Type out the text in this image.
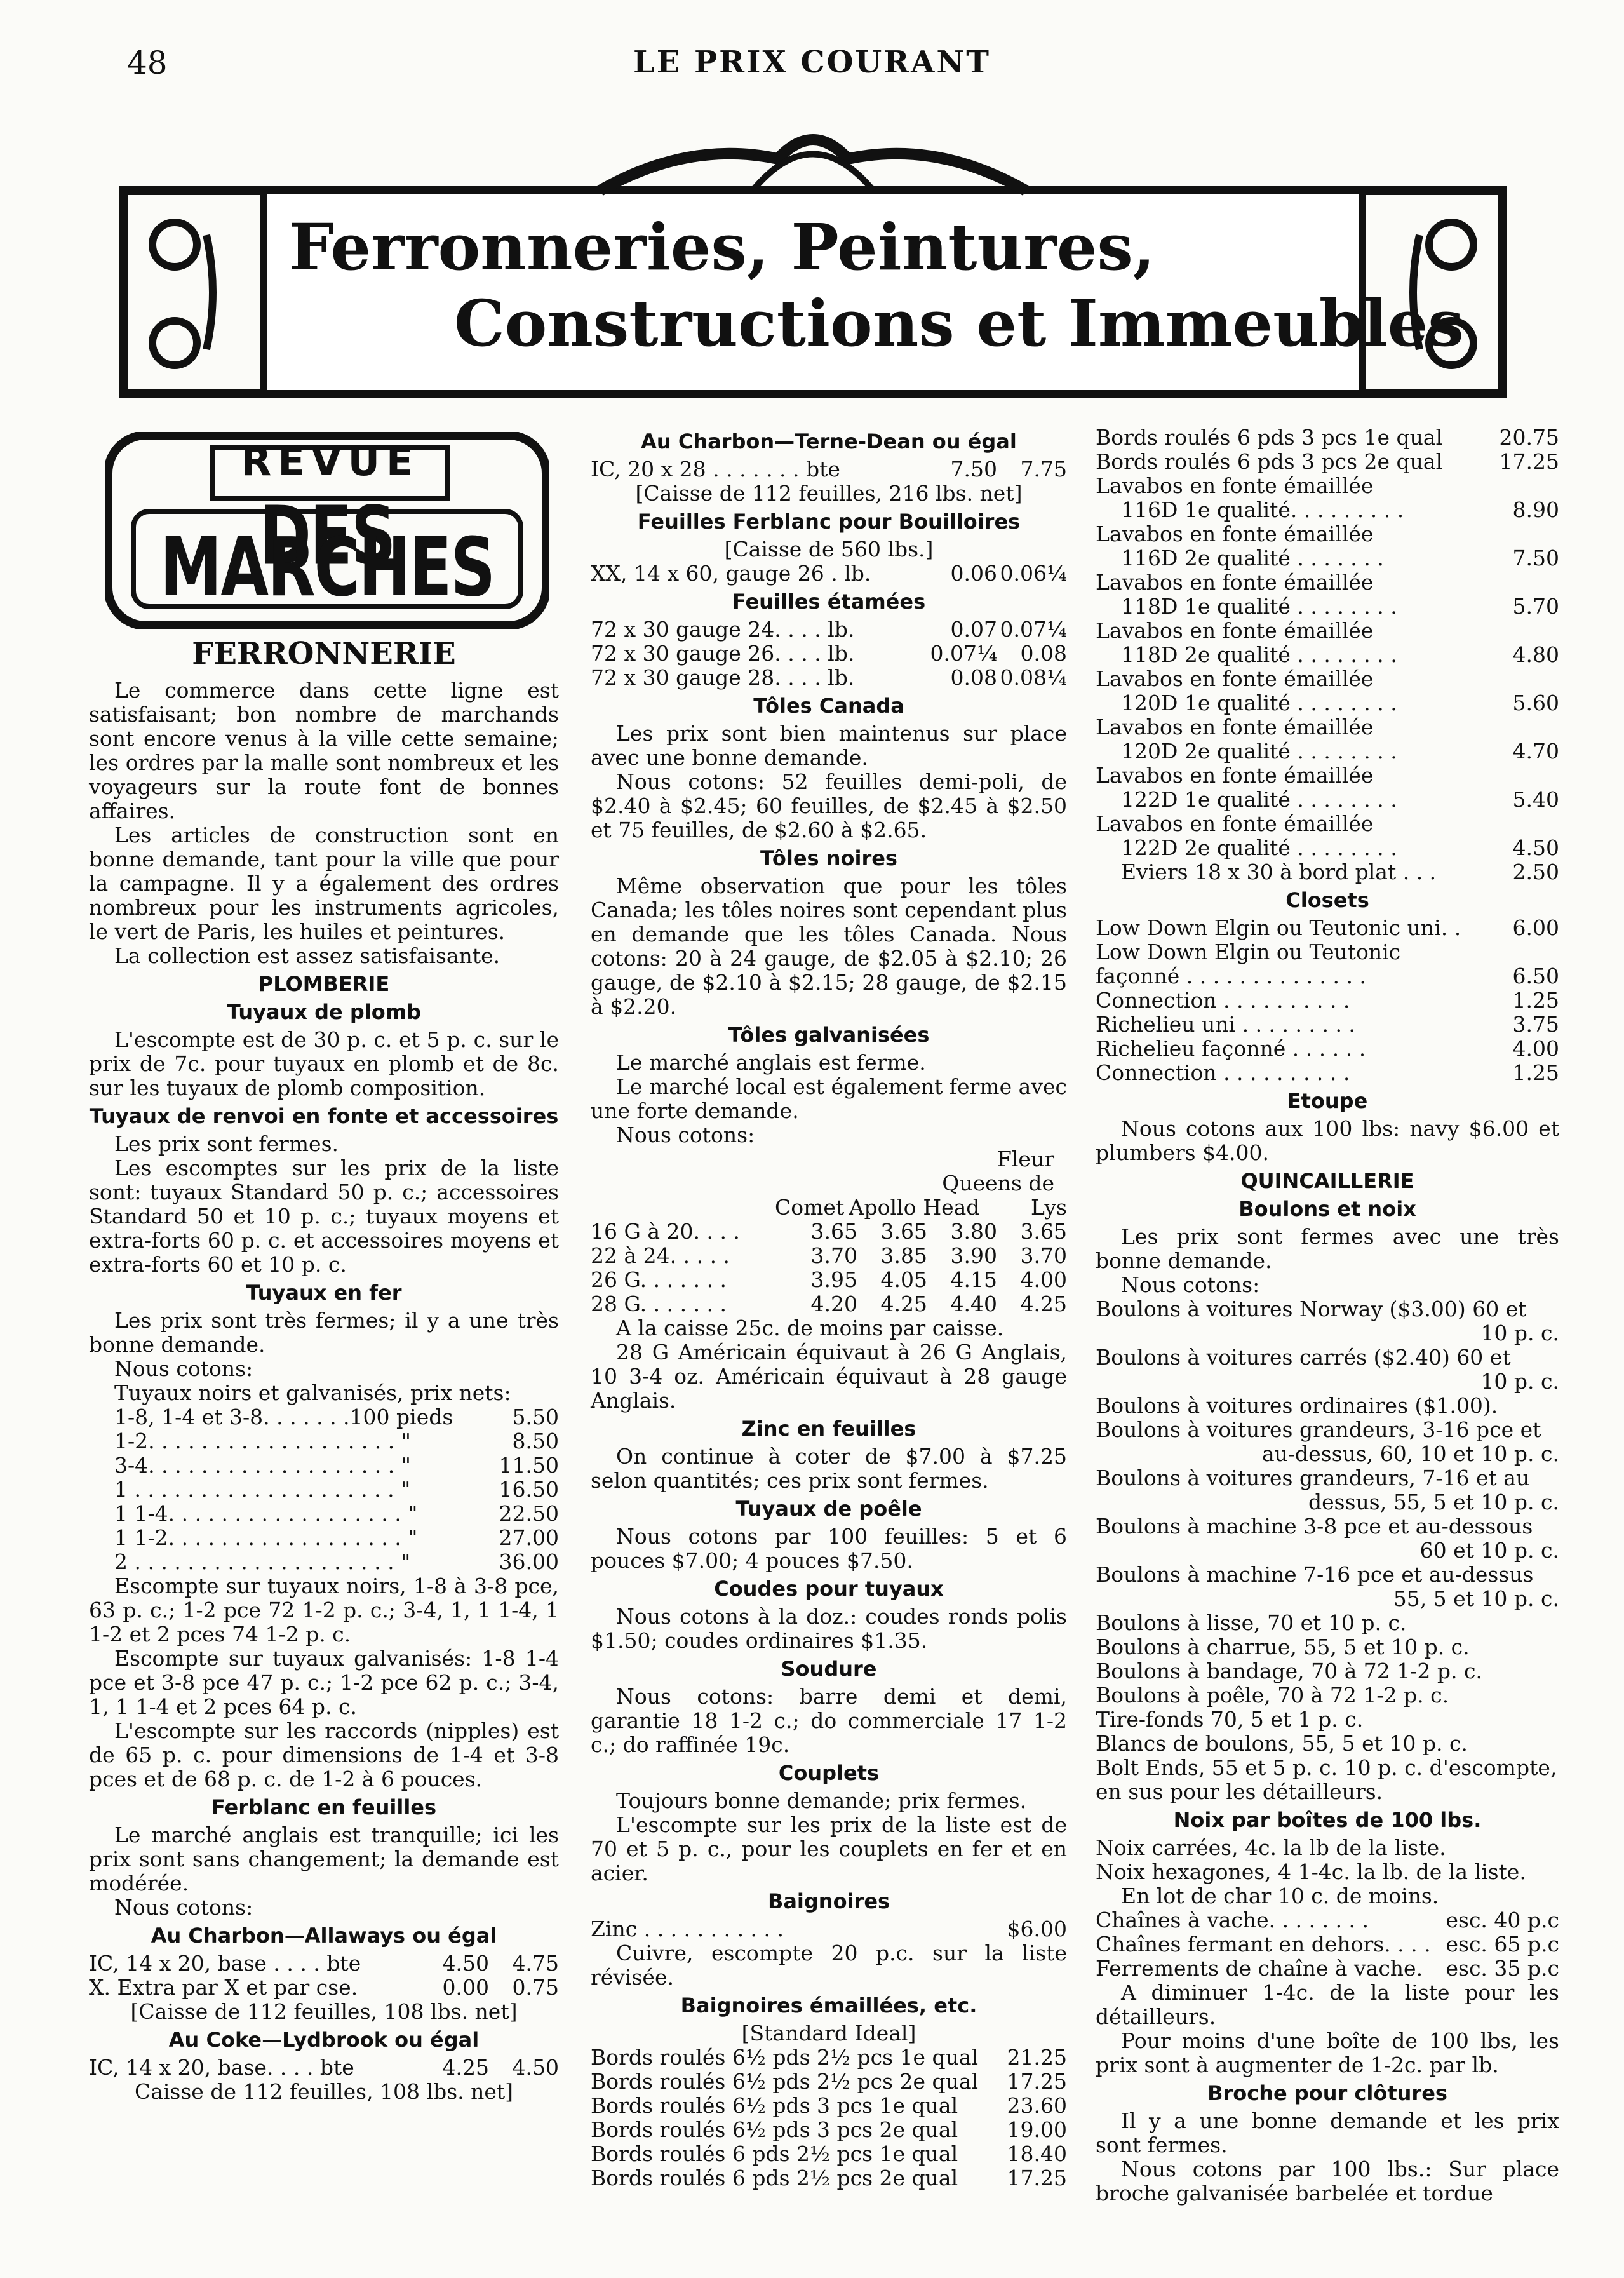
48	LE PRIX COURANT
Ferronneries, Peintures,
Constructions et Immeubles
REVUE
DES MARCHES
FERRONNERIE

Le commerce dans cette ligne est satisfaisant; bon nombre de marchands sont encore venus à la ville cette semaine; les ordres par la malle sont nombreux et les voyageurs sur la route font de bonnes affaires.

Les articles de construction sont en bonne demande, tant pour la ville que pour la campagne. Il y a également des ordres nombreux pour les instruments agricoles, le vert de Paris, les huiles et peintures.

La collection est assez satisfaisante.

PLOMBERIE
Tuyaux de plomb

L'escompte est de 30 p. c. et 5 p. c. sur le prix de 7c. pour tuyaux en plomb et de 8c. sur les tuyaux de plomb composition.

Tuyaux de renvoi en fonte et accessoires

Les prix sont fermes.

Les escomptes sur les prix de la liste sont: tuyaux Standard 50 p. c.; accessoires Standard 50 et 10 p. c.; tuyaux moyens et extra-forts 60 p. c. et accessoires moyens et extra-forts 60 et 10 p. c.

Tuyaux en fer

Les prix sont très fermes; il y a une très bonne demande.

Nous cotons:
Tuyaux noirs et galvanisés, prix nets:
1-8, 1-4 et 3-8. . . . . . .100 pieds	5.50
1-2. . . . . . . . . . . . . . . . . . . "	8.50
3-4. . . . . . . . . . . . . . . . . . . "	11.50
1 . . . . . . . . . . . . . . . . . . . . "	16.50
1 1-4. . . . . . . . . . . . . . . . . . "	22.50
1 1-2. . . . . . . . . . . . . . . . . . "	27.00
2 . . . . . . . . . . . . . . . . . . . . "	36.00

Escompte sur tuyaux noirs, 1-8 à 3-8 pce, 63 p. c.; 1-2 pce 72 1-2 p. c.; 3-4, 1, 1 1-4, 1 1-2 et 2 pces 74 1-2 p. c.

Escompte sur tuyaux galvanisés: 1-8 1-4 pce et 3-8 pce 47 p. c.; 1-2 pce 62 p. c.; 3-4, 1, 1 1-4 et 2 pces 64 p. c.

L'escompte sur les raccords (nipples) est de 65 p. c. pour dimensions de 1-4 et 3-8 pces et de 68 p. c. de 1-2 à 6 pouces.

Ferblanc en feuilles

Le marché anglais est tranquille; ici les prix sont sans changement; la demande est modérée.

Nous cotons:
Au Charbon—Allaways ou égal
IC, 14 x 20, base . . . . bte	4.50	4.75
X. Extra par X et par cse.	0.00	0.75
[Caisse de 112 feuilles, 108 lbs. net]
Au Coke—Lydbrook ou égal
IC, 14 x 20, base. . . . bte	4.25	4.50
Caisse de 112 feuilles, 108 lbs. net]
Au Charbon—Terne-Dean ou égal
IC, 20 x 28 . . . . . . . bte	7.50	7.75
[Caisse de 112 feuilles, 216 lbs. net]
Feuilles Ferblanc pour Bouilloires
[Caisse de 560 lbs.]
XX, 14 x 60, gauge 26 . lb.	0.06 0.06¼
Feuilles étamées
72 x 30 gauge 24. . . . lb.	0.07 0.07¼
72 x 30 gauge 26. . . . lb.	0.07¼	0.08
72 x 30 gauge 28. . . . lb.	0.08 0.08¼
Tôles Canada

Les prix sont bien maintenus sur place avec une bonne demande.

Nous cotons: 52 feuilles demi-poli, de $2.40 à $2.45; 60 feuilles, de $2.45 à $2.50 et 75 feuilles, de $2.60 à $2.65.

Tôles noires

Même observation que pour les tôles Canada; les tôles noires sont cependant plus en demande que les tôles Canada. Nous cotons: 20 à 24 gauge, de $2.05 à $2.10; 26 gauge, de $2.10 à $2.15; 28 gauge, de $2.15 à $2.20.

Tôles galvanisées

Le marché anglais est ferme.

Le marché local est également ferme avec une forte demande.

Nous cotons:
Fleur
Queens de
Comet Apollo Head	Lys
16 G à 20. . . .	3.65	3.65	3.80	3.65
22 à 24. . . . .	3.70	3.85	3.90	3.70
26 G. . . . . . .	3.95	4.05	4.15	4.00
28 G. . . . . . .	4.20	4.25	4.40	4.25

A la caisse 25c. de moins par caisse.

28 G Américain équivaut à 26 G Anglais, 10 3-4 oz. Américain équivaut à 28 gauge Anglais.

Zinc en feuilles

On continue à coter de $7.00 à $7.25 selon quantités; ces prix sont fermes.

Tuyaux de poêle

Nous cotons par 100 feuilles: 5 et 6 pouces $7.00; 4 pouces $7.50.

Coudes pour tuyaux

Nous cotons à la doz.: coudes ronds polis $1.50; coudes ordinaires $1.35.

Soudure

Nous cotons: barre demi et demi, garantie 18 1-2 c.; do commerciale 17 1-2 c.; do raffinée 19c.

Couplets

Toujours bonne demande; prix fermes.

L'escompte sur les prix de la liste est de 70 et 5 p. c., pour les couplets en fer et en acier.

Baignoires
Zinc . . . . . . . . . . .	$6.00

Cuivre, escompte 20 p.c. sur la liste révisée.

Baignoires émaillées, etc.
[Standard Ideal]
Bords roulés 6½ pds 2½ pcs 1e qual	21.25
Bords roulés 6½ pds 2½ pcs 2e qual	17.25
Bords roulés 6½ pds 3 pcs 1e qual	23.60
Bords roulés 6½ pds 3 pcs 2e qual	19.00
Bords roulés 6 pds 2½ pcs 1e qual	18.40
Bords roulés 6 pds 2½ pcs 2e qual	17.25
Bords roulés 6 pds 3 pcs 1e qual	20.75
Bords roulés 6 pds 3 pcs 2e qual	17.25
Lavabos en fonte émaillée
116D 1e qualité. . . . . . . . .	8.90
Lavabos en fonte émaillée
116D 2e qualité . . . . . . .	7.50
Lavabos en fonte émaillée
118D 1e qualité . . . . . . . .	5.70
Lavabos en fonte émaillée
118D 2e qualité . . . . . . . .	4.80
Lavabos en fonte émaillée
120D 1e qualité . . . . . . . .	5.60
Lavabos en fonte émaillée
120D 2e qualité . . . . . . . .	4.70
Lavabos en fonte émaillée
122D 1e qualité . . . . . . . .	5.40
Lavabos en fonte émaillée
122D 2e qualité . . . . . . . .	4.50
Eviers 18 x 30 à bord plat . . .	2.50
Closets
Low Down Elgin ou Teutonic uni. .	6.00
Low Down Elgin ou Teutonic façonné . . . . . . . . . . . . . .	6.50
Connection . . . . . . . . . .	1.25
Richelieu uni . . . . . . . . .	3.75
Richelieu façonné . . . . . .	4.00
Connection . . . . . . . . . .	1.25
Etoupe

Nous cotons aux 100 lbs: navy $6.00 et plumbers $4.00.

QUINCAILLERIE
Boulons et noix

Les prix sont fermes avec une très bonne demande.

Nous cotons:
Boulons à voitures Norway ($3.00) 60 et
10 p. c.
Boulons à voitures carrés ($2.40) 60 et
10 p. c.
Boulons à voitures ordinaires ($1.00).
Boulons à voitures grandeurs, 3-16 pce et
au-dessus, 60, 10 et 10 p. c.
Boulons à voitures grandeurs, 7-16 et au
dessus, 55, 5 et 10 p. c.
Boulons à machine 3-8 pce et au-dessous
60 et 10 p. c.
Boulons à machine 7-16 pce et au-dessus
55, 5 et 10 p. c.
Boulons à lisse, 70 et 10 p. c.
Boulons à charrue, 55, 5 et 10 p. c.
Boulons à bandage, 70 à 72 1-2 p. c.
Boulons à poêle, 70 à 72 1-2 p. c.
Tire-fonds 70, 5 et 1 p. c.
Blancs de boulons, 55, 5 et 10 p. c.
Bolt Ends, 55 et 5 p. c. 10 p. c. d'escompte, en sus pour les détailleurs.
Noix par boîtes de 100 lbs.
Noix carrées, 4c. la lb de la liste.
Noix hexagones, 4 1-4c. la lb. de la liste.
En lot de char 10 c. de moins.
Chaînes à vache. . . . . . . .	esc. 40 p.c
Chaînes fermant en dehors. . . . esc. 65 p.c
Ferrements de chaîne à vache.	esc. 35 p.c

A diminuer 1-4c. de la liste pour les détailleurs.

Pour moins d'une boîte de 100 lbs, les prix sont à augmenter de 1-2c. par lb.

Broche pour clôtures

Il y a une bonne demande et les prix sont fermes.

Nous cotons par 100 lbs.: Sur place broche galvanisée barbelée et tordue
